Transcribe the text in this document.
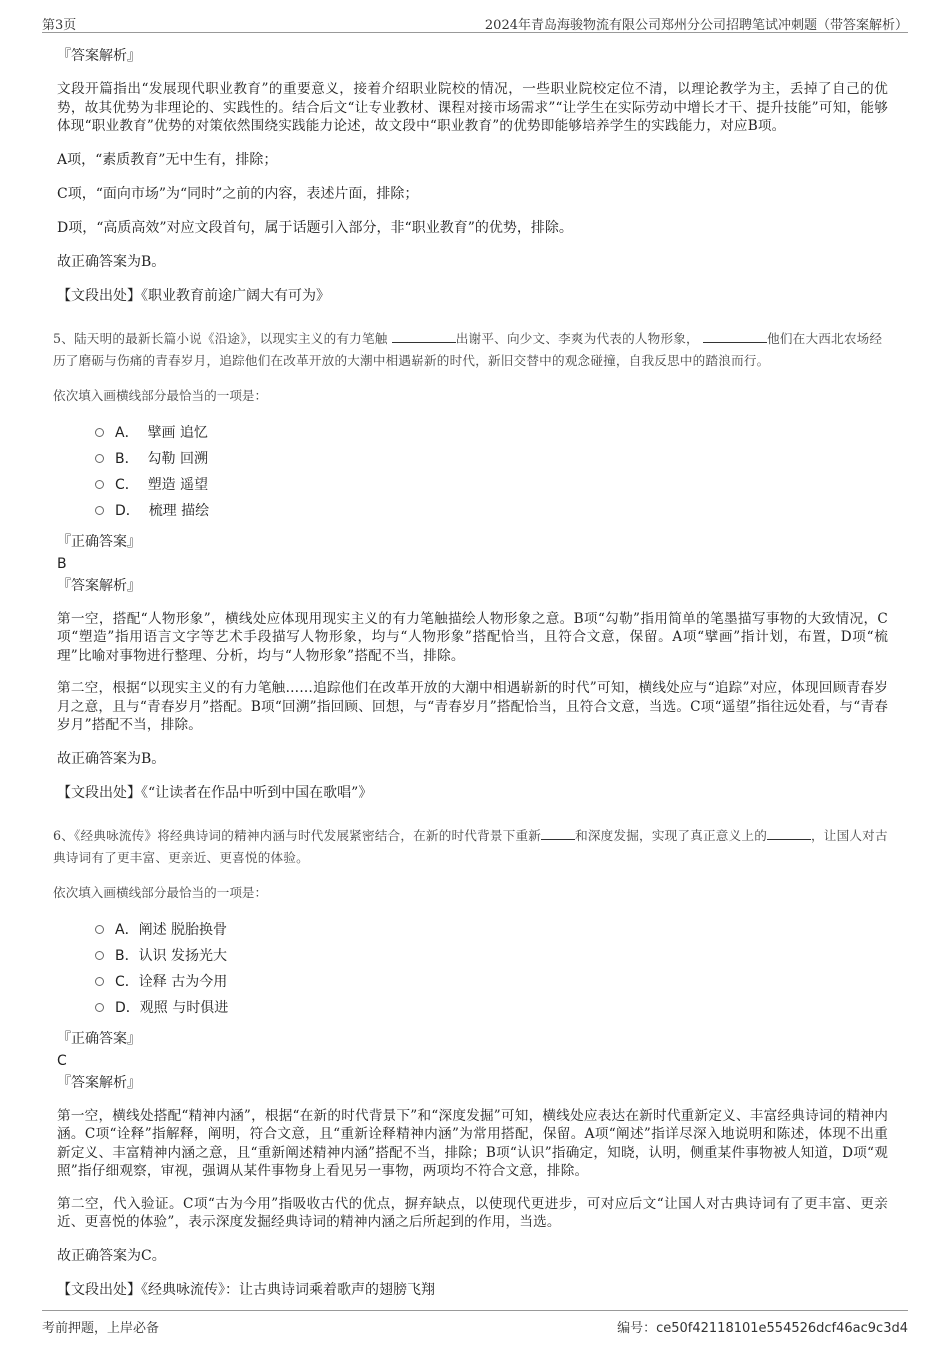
第3页	2024年青岛海骏物流有限公司郑州分公司招聘笔试冲刺题（带答案解析）
『答案解析』

文段开篇指出“发展现代职业教育”的重要意义，接着介绍职业院校的情况，一些职业院校定位不清，以理论教学为主，丢掉了自己的优势，故其优势为非理论的、实践性的。结合后文“让专业教材、课程对接市场需求”“让学生在实际劳动中增长才干、提升技能”可知，能够体现“职业教育”优势的对策依然围绕实践能力论述，故文段中“职业教育”的优势即能够培养学生的实践能力，对应B项。

A项，“素质教育”无中生有，排除；

C项，“面向市场”为“同时”之前的内容，表述片面，排除；

D项，“高质高效”对应文段首句，属于话题引入部分，非“职业教育”的优势，排除。

故正确答案为B。

【文段出处】《职业教育前途广阔大有可为》

5、陆天明的最新长篇小说《沿途》，以现实主义的有力笔触	出谢平、向少文、李爽为代表的人物形象，	他们在大西北农场经历了磨砺与伤痛的青春岁月，追踪他们在改革开放的大潮中相遇崭新的时代，新旧交替中的观念碰撞，自我反思中的踏浪而行。

依次填入画横线部分最恰当的一项是：

A．
擘画 追忆
B．
勾勒 回溯
C．
塑造 遥望
D．
梳理 描绘
『正确答案』
B
『答案解析』

第一空，搭配“人物形象”，横线处应体现用现实主义的有力笔触描绘人物形象之意。B项“勾勒”指用简单的笔墨描写事物的大致情况，C项“塑造”指用语言文字等艺术手段描写人物形象，均与“人物形象”搭配恰当，且符合文意，保留。A项“擘画”指计划，布置，D项“梳理”比喻对事物进行整理、分析，均与“人物形象”搭配不当，排除。

第二空，根据“以现实主义的有力笔触……追踪他们在改革开放的大潮中相遇崭新的时代”可知，横线处应与“追踪”对应，体现回顾青春岁月之意，且与“青春岁月”搭配。B项“回溯”指回顾、回想，与“青春岁月”搭配恰当，且符合文意，当选。C项“遥望”指往远处看，与“青春岁月”搭配不当，排除。

故正确答案为B。

【文段出处】《“让读者在作品中听到中国在歌唱”》

6、《经典咏流传》将经典诗词的精神内涵与时代发展紧密结合，在新的时代背景下重新	和深度发掘，实现了真正意义上的	，让国人对古典诗词有了更丰富、更亲近、更喜悦的体验。

依次填入画横线部分最恰当的一项是：

A． 阐述 脱胎换骨
B． 认识 发扬光大
C． 诠释 古为今用
D． 观照 与时俱进
『正确答案』
C
『答案解析』

第一空，横线处搭配“精神内涵”，根据“在新的时代背景下”和“深度发掘”可知，横线处应表达在新时代重新定义、丰富经典诗词的精神内涵。C项“诠释”指解释，阐明，符合文意，且“重新诠释精神内涵”为常用搭配，保留。A项“阐述”指详尽深入地说明和陈述，体现不出重新定义、丰富精神内涵之意，且“重新阐述精神内涵”搭配不当，排除；B项“认识”指确定，知晓，认明，侧重某件事物被人知道，D项“观照”指仔细观察，审视，强调从某件事物身上看见另一事物，两项均不符合文意，排除。

第二空，代入验证。C项“古为今用”指吸收古代的优点，摒弃缺点，以使现代更进步，可对应后文“让国人对古典诗词有了更丰富、更亲近、更喜悦的体验”，表示深度发掘经典诗词的精神内涵之后所起到的作用，当选。

故正确答案为C。

【文段出处】《经典咏流传》：让古典诗词乘着歌声的翅膀飞翔

考前押题，上岸必备	编号：ce50f42118101e554526dcf46ac9c3d4
